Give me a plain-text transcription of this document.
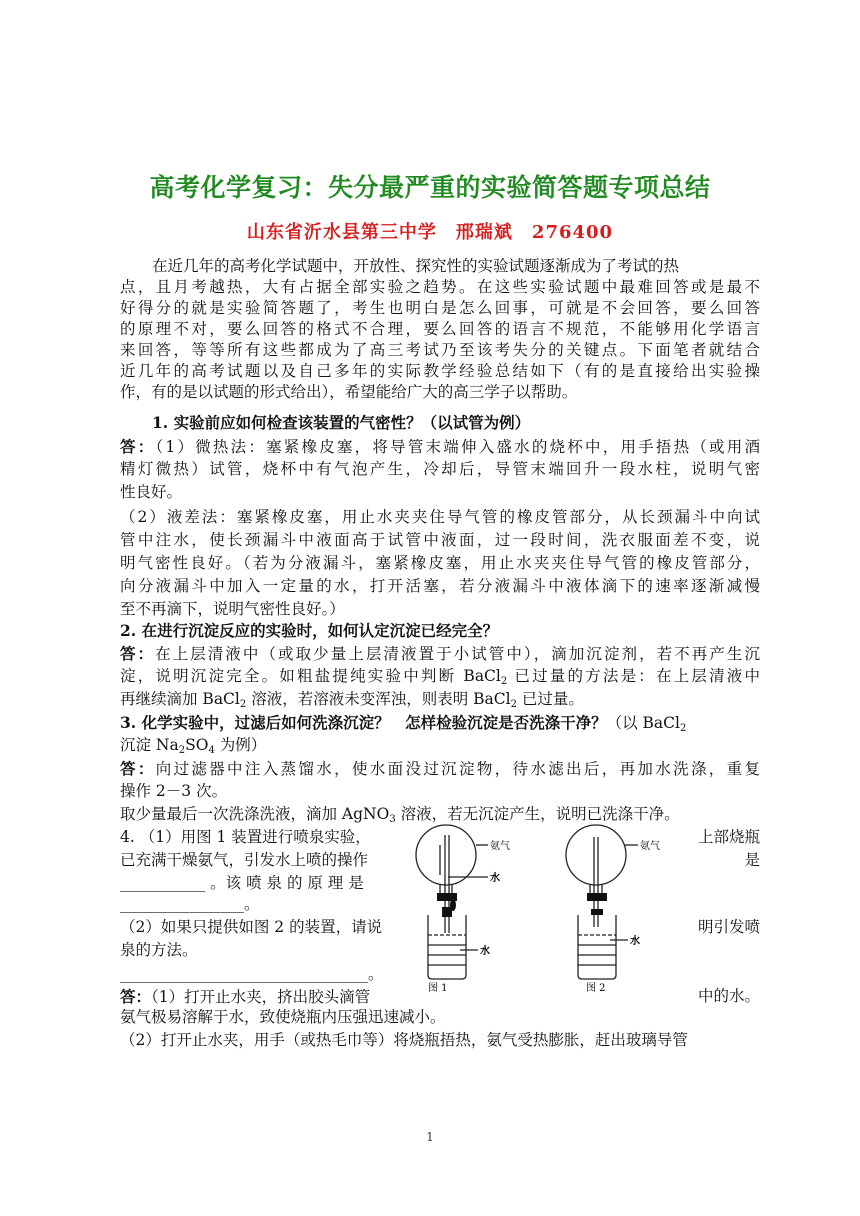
高考化学复习：失分最严重的实验简答题专项总结
山东省沂水县第三中学　邢瑞斌　276400
在近几年的高考化学试题中，开放性、探究性的实验试题逐渐成为了考试的热
点，且月考越热，大有占据全部实验之趋势。在这些实验试题中最难回答或是最不
好得分的就是实验简答题了，考生也明白是怎么回事，可就是不会回答，要么回答
的原理不对，要么回答的格式不合理，要么回答的语言不规范，不能够用化学语言
来回答，等等所有这些都成为了高三考试乃至该考失分的关键点。下面笔者就结合
近几年的高考试题以及自己多年的实际教学经验总结如下（有的是直接给出实验操
作，有的是以试题的形式给出），希望能给广大的高三学子以帮助。
1. 实验前应如何检查该装置的气密性？（以试管为例）
答：（1）微热法：塞紧橡皮塞，将导管末端伸入盛水的烧杯中，用手捂热（或用酒
精灯微热）试管，烧杯中有气泡产生，冷却后，导管末端回升一段水柱，说明气密
性良好。
（2）液差法：塞紧橡皮塞，用止水夹夹住导气管的橡皮管部分，从长颈漏斗中向试
管中注水，使长颈漏斗中液面高于试管中液面，过一段时间，洗衣服面差不变，说
明气密性良好。（若为分液漏斗，塞紧橡皮塞，用止水夹夹住导气管的橡皮管部分，
向分液漏斗中加入一定量的水，打开活塞，若分液漏斗中液体滴下的速率逐渐减慢
至不再滴下，说明气密性良好。）
2. 在进行沉淀反应的实验时，如何认定沉淀已经完全？
答：在上层清液中（或取少量上层清液置于小试管中），滴加沉淀剂，若不再产生沉
淀，说明沉淀完全。如粗盐提纯实验中判断 BaCl$_2$ 已过量的方法是：在上层清液中
再继续滴加 BaCl$_2$ 溶液，若溶液未变浑浊，则表明 BaCl$_2$ 已过量。
3. 化学实验中，过滤后如何洗涤沉淀？　怎样检验沉淀是否洗涤干净？（以 BaCl$_2$
沉淀 $Na_2SO_4$ 为例）
答：向过滤器中注入蒸馏水，使水面没过沉淀物，待水滤出后，再加水洗涤，重复
操作 2－3 次。
取少量最后一次洗涤洗液，滴加 AgNO$_3$ 溶液，若无沉淀产生，说明已洗涤干净。
4. （1）用图 1 装置进行喷泉实验，	上部烧瓶
已充满干燥氨气，引发水上喷的操作	是
___________ 。该 喷 泉 的 原 理 是
________________。
（2）如果只提供如图 2 的装置，请说	明引发喷
泉的方法。
________________________________。
答：（1）打开止水夹，挤出胶头滴管	中的水。
氨气极易溶解于水，致使烧瓶内压强迅速减小。
（2）打开止水夹，用手（或热毛巾等）将烧瓶捂热，氨气受热膨胀，赶出玻璃导管
氨气
水
水
氨气
水
图 1	图 2
1
